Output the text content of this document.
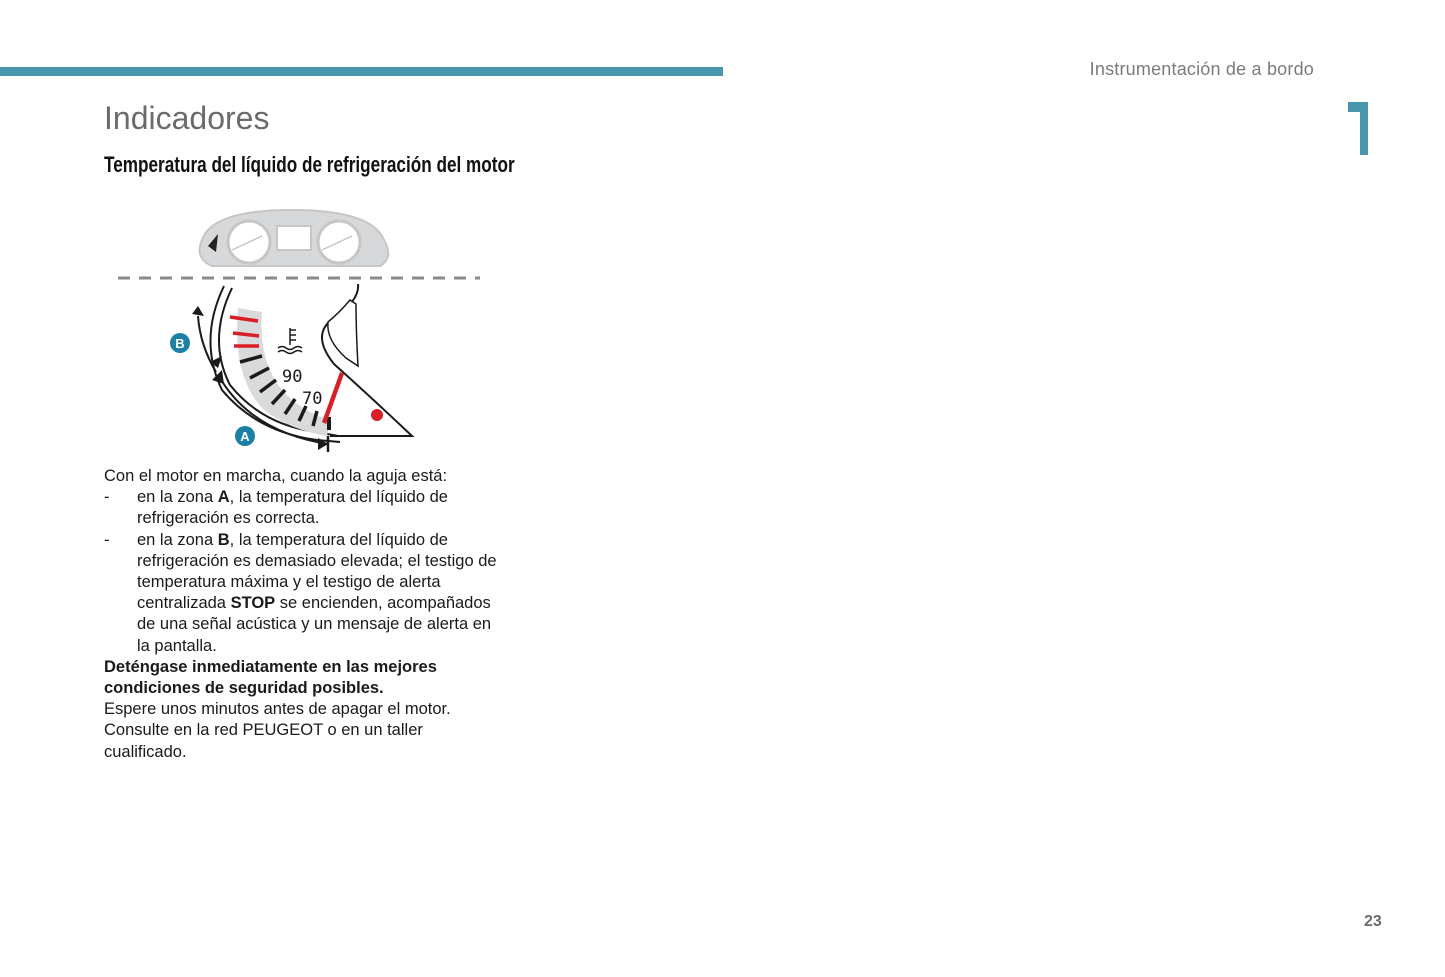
Instrumentación de a bordo
1
Indicadores
Temperatura del líquido de refrigeración del motor
90
70
B
A

Con el motor en marcha, cuando la aguja está:

- en la zona A, la temperatura del líquido de refrigeración es correcta.

- en la zona B, la temperatura del líquido de refrigeración es demasiado elevada; el testigo de temperatura máxima y el testigo de alerta centralizada STOP se encienden, acompañados de una señal acústica y un mensaje de alerta en la pantalla.

Deténgase inmediatamente en las mejores condiciones de seguridad posibles.

Espere unos minutos antes de apagar el motor.

Consulte en la red PEUGEOT o en un taller cualificado.

23
